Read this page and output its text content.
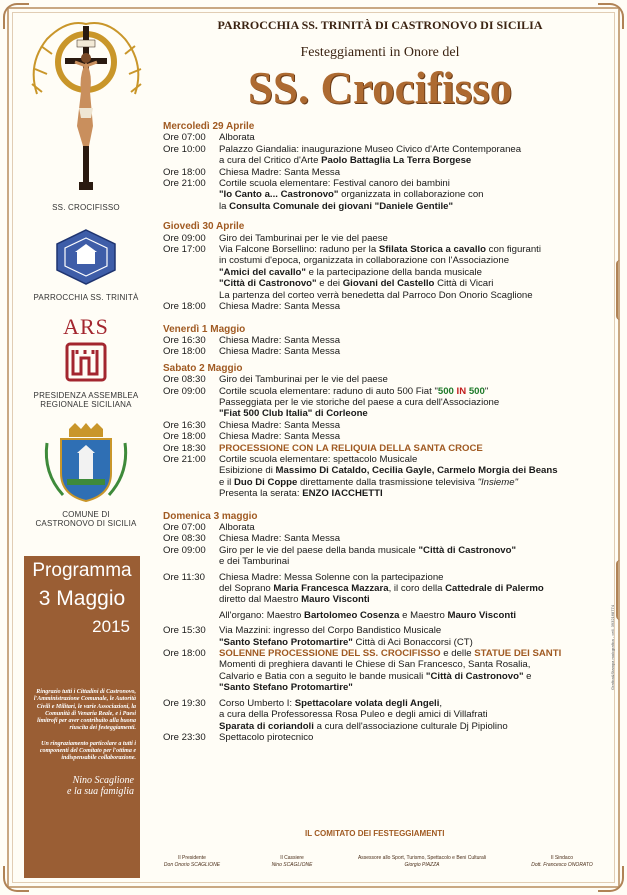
SS. CROCIFISSO
PARROCCHIA SS. TRINITÀ
ARS
PRESIDENZA ASSEMBLEA
REGIONALE SICILIANA
COMUNE DI
CASTRONOVO DI SICILIA
Programma
3 Maggio
2015
Ringrazio tutti i Cittadini di Castronovo, l'Amministrazione Comunale, le Autorità Civili e Militari, le varie Associazioni, la Comunità di Venaria Reale, e i Paesi limitrofi per aver contribuito alla buona riuscita dei festeggiamenti.
Un ringraziamento particolare a tutti i componenti del Comitato per l'ottima e indispensabile collaborazione.
Nino Scaglione
e la sua famiglia
PARROCCHIA SS. TRINITÀ DI CASTRONOVO DI SICILIA
Festeggiamenti in Onore del
SS. Crocifisso
Mercoledì 29 Aprile
Ore 07:00	Alborata
Ore 10:00	Palazzo Giandalia: inaugurazione Museo Civico d'Arte Contemporanea
a cura del Critico d'Arte Paolo Battaglia La Terra Borgese
Ore 18:00	Chiesa Madre: Santa Messa
Ore 21:00	Cortile scuola elementare: Festival canoro dei bambini
"Io Canto a... Castronovo" organizzata in collaborazione con
la Consulta Comunale dei giovani "Daniele Gentile"
Giovedì 30 Aprile
Ore 09:00	Giro dei Tamburinai per le vie del paese
Ore 17:00	Via Falcone Borsellino: raduno per la Sfilata Storica a cavallo con figuranti
in costumi d'epoca, organizzata in collaborazione con l'Associazione
"Amici del cavallo" e la partecipazione della banda musicale
"Città di Castronovo" e dei Giovani del Castello Città di Vicari
La partenza del corteo verrà benedetta dal Parroco Don Onorio Scaglione
Ore 18:00	Chiesa Madre: Santa Messa
Venerdì 1 Maggio
Ore 16:30	Chiesa Madre: Santa Messa
Ore 18:00	Chiesa Madre: Santa Messa
Sabato 2 Maggio
Ore 08:30	Giro dei Tamburinai per le vie del paese
Ore 09:00	Cortile scuola elementare: raduno di auto 500 Fiat "500 IN 500"
Passeggiata per le vie storiche del paese a cura dell'Associazione
"Fiat 500 Club Italia" di Corleone
Ore 16:30	Chiesa Madre: Santa Messa
Ore 18:00	Chiesa Madre: Santa Messa
Ore 18:30	PROCESSIONE CON LA RELIQUIA DELLA SANTA CROCE
Ore 21:00	Cortile scuola elementare: spettacolo Musicale
Esibizione di Massimo Di Cataldo, Cecilia Gayle, Carmelo Morgia dei Beans
e il Duo Di Coppe direttamente dalla trasmissione televisiva "Insieme"
Presenta la serata: ENZO IACCHETTI
Domenica 3 maggio
Ore 07:00	Alborata
Ore 08:30	Chiesa Madre: Santa Messa
Ore 09:00	Giro per le vie del paese della banda musicale "Città di Castronovo"
e dei Tamburinai
Ore 11:30	Chiesa Madre: Messa Solenne con la partecipazione
del Soprano Maria Francesca Mazzara, il coro della Cattedrale di Palermo
diretto dal Maestro Mauro Visconti
All'organo: Maestro Bartolomeo Cosenza e Maestro Mauro Visconti
Ore 15:30	Via Mazzini: ingresso del Corpo Bandistico Musicale
"Santo Stefano Protomartire" Città di Aci Bonaccorsi (CT)
Ore 18:00	SOLENNE PROCESSIONE DEL SS. CROCIFISSO e delle STATUE DEI SANTI
Momenti di preghiera davanti le Chiese di San Francesco, Santa Rosalia,
Calvario e Batia con a seguito le bande musicali "Città di Castronovo" e
"Santo Stefano Protomartire"
Ore 19:30	Corso Umberto I: Spettacolare volata degli Angeli,
a cura della Professoressa Rosa Puleo e degli amici di Villafrati
Sparata di coriandoli a cura dell'associazione culturale Dj Pipiolino
Ore 23:30	Spettacolo pirotecnico
IL COMITATO DEI FESTEGGIAMENTI
Il Presidente
Don Onorio SCAGLIONE
Il Cassiere
Nino SCAGLIONE
Assessore allo Sport, Turismo, Spettacolo e Beni Culturali
Giorgio PIAZZA
Il Sindaco
Dott. Francesco ONORATO
Grafica&Stampa malcgrafica - cell. 3932168774
